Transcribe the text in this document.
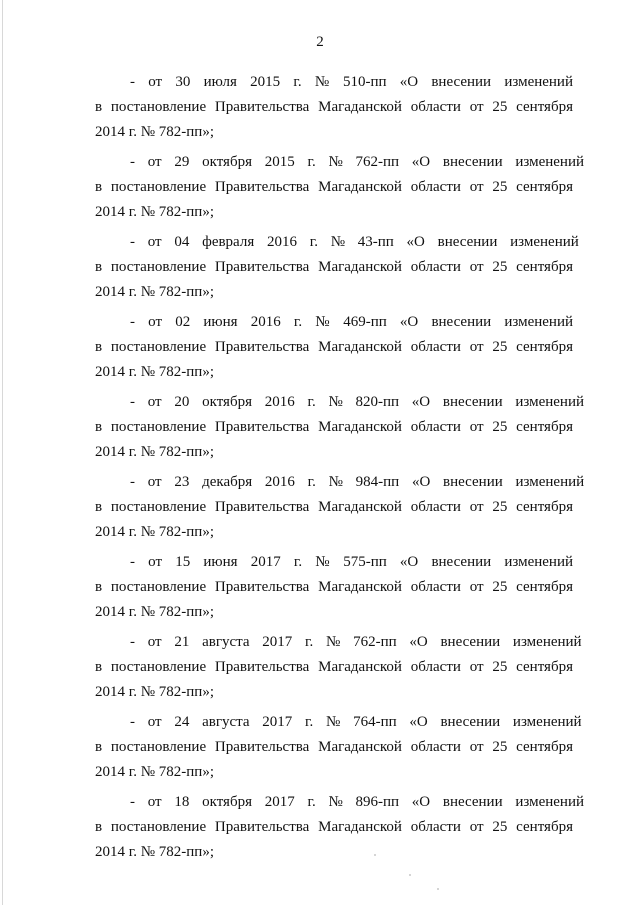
2
- от 30 июля 2015 г. № 510-пп «О внесении изменений
в постановление Правительства Магаданской области от 25 сентября
2014 г. № 782-пп»;
- от 29 октября 2015 г. № 762-пп «О внесении изменений
в постановление Правительства Магаданской области от 25 сентября
2014 г. № 782-пп»;
- от 04 февраля 2016 г. № 43-пп «О внесении изменений
в постановление Правительства Магаданской области от 25 сентября
2014 г. № 782-пп»;
- от 02 июня 2016 г. № 469-пп «О внесении изменений
в постановление Правительства Магаданской области от 25 сентября
2014 г. № 782-пп»;
- от 20 октября 2016 г. № 820-пп «О внесении изменений
в постановление Правительства Магаданской области от 25 сентября
2014 г. № 782-пп»;
- от 23 декабря 2016 г. № 984-пп «О внесении изменений
в постановление Правительства Магаданской области от 25 сентября
2014 г. № 782-пп»;
- от 15 июня 2017 г. № 575-пп «О внесении изменений
в постановление Правительства Магаданской области от 25 сентября
2014 г. № 782-пп»;
- от 21 августа 2017 г. № 762-пп «О внесении изменений
в постановление Правительства Магаданской области от 25 сентября
2014 г. № 782-пп»;
- от 24 августа 2017 г. № 764-пп «О внесении изменений
в постановление Правительства Магаданской области от 25 сентября
2014 г. № 782-пп»;
- от 18 октября 2017 г. № 896-пп «О внесении изменений
в постановление Правительства Магаданской области от 25 сентября
2014 г. № 782-пп»;
